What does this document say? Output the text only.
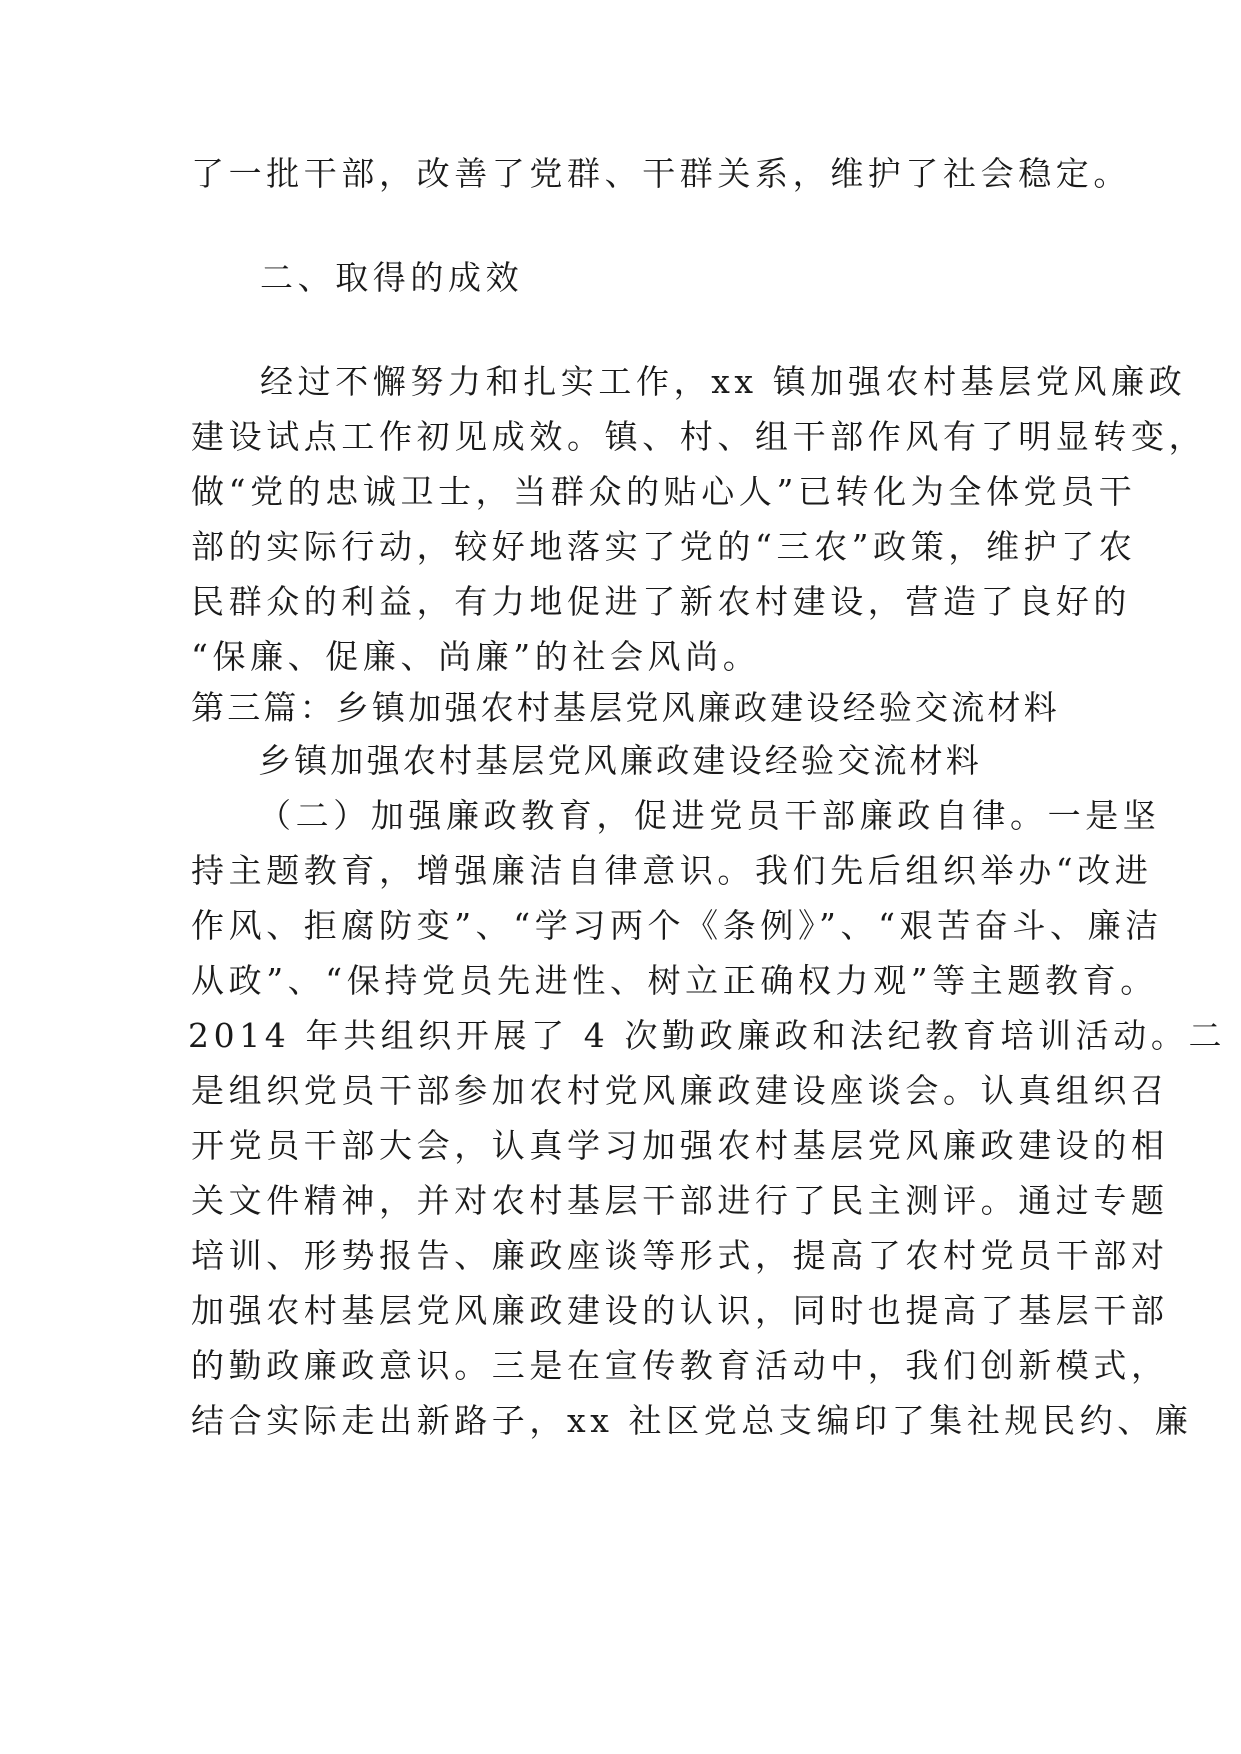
了一批干部，改善了党群、干群关系，维护了社会稳定。
二、取得的成效
经过不懈努力和扎实工作，xx 镇加强农村基层党风廉政
建设试点工作初见成效。镇、村、组干部作风有了明显转变，
做“党的忠诚卫士，当群众的贴心人”已转化为全体党员干
部的实际行动，较好地落实了党的“三农”政策，维护了农
民群众的利益，有力地促进了新农村建设，营造了良好的
“保廉、促廉、尚廉”的社会风尚。
第三篇：乡镇加强农村基层党风廉政建设经验交流材料
乡镇加强农村基层党风廉政建设经验交流材料
（二）加强廉政教育，促进党员干部廉政自律。一是坚
持主题教育，增强廉洁自律意识。我们先后组织举办“改进
作风、拒腐防变”、“学习两个《条例》”、“艰苦奋斗、廉洁
从政”、“保持党员先进性、树立正确权力观”等主题教育。
2014 年共组织开展了 4 次勤政廉政和法纪教育培训活动。二
是组织党员干部参加农村党风廉政建设座谈会。认真组织召
开党员干部大会，认真学习加强农村基层党风廉政建设的相
关文件精神，并对农村基层干部进行了民主测评。通过专题
培训、形势报告、廉政座谈等形式，提高了农村党员干部对
加强农村基层党风廉政建设的认识，同时也提高了基层干部
的勤政廉政意识。三是在宣传教育活动中，我们创新模式，
结合实际走出新路子，xx 社区党总支编印了集社规民约、廉
